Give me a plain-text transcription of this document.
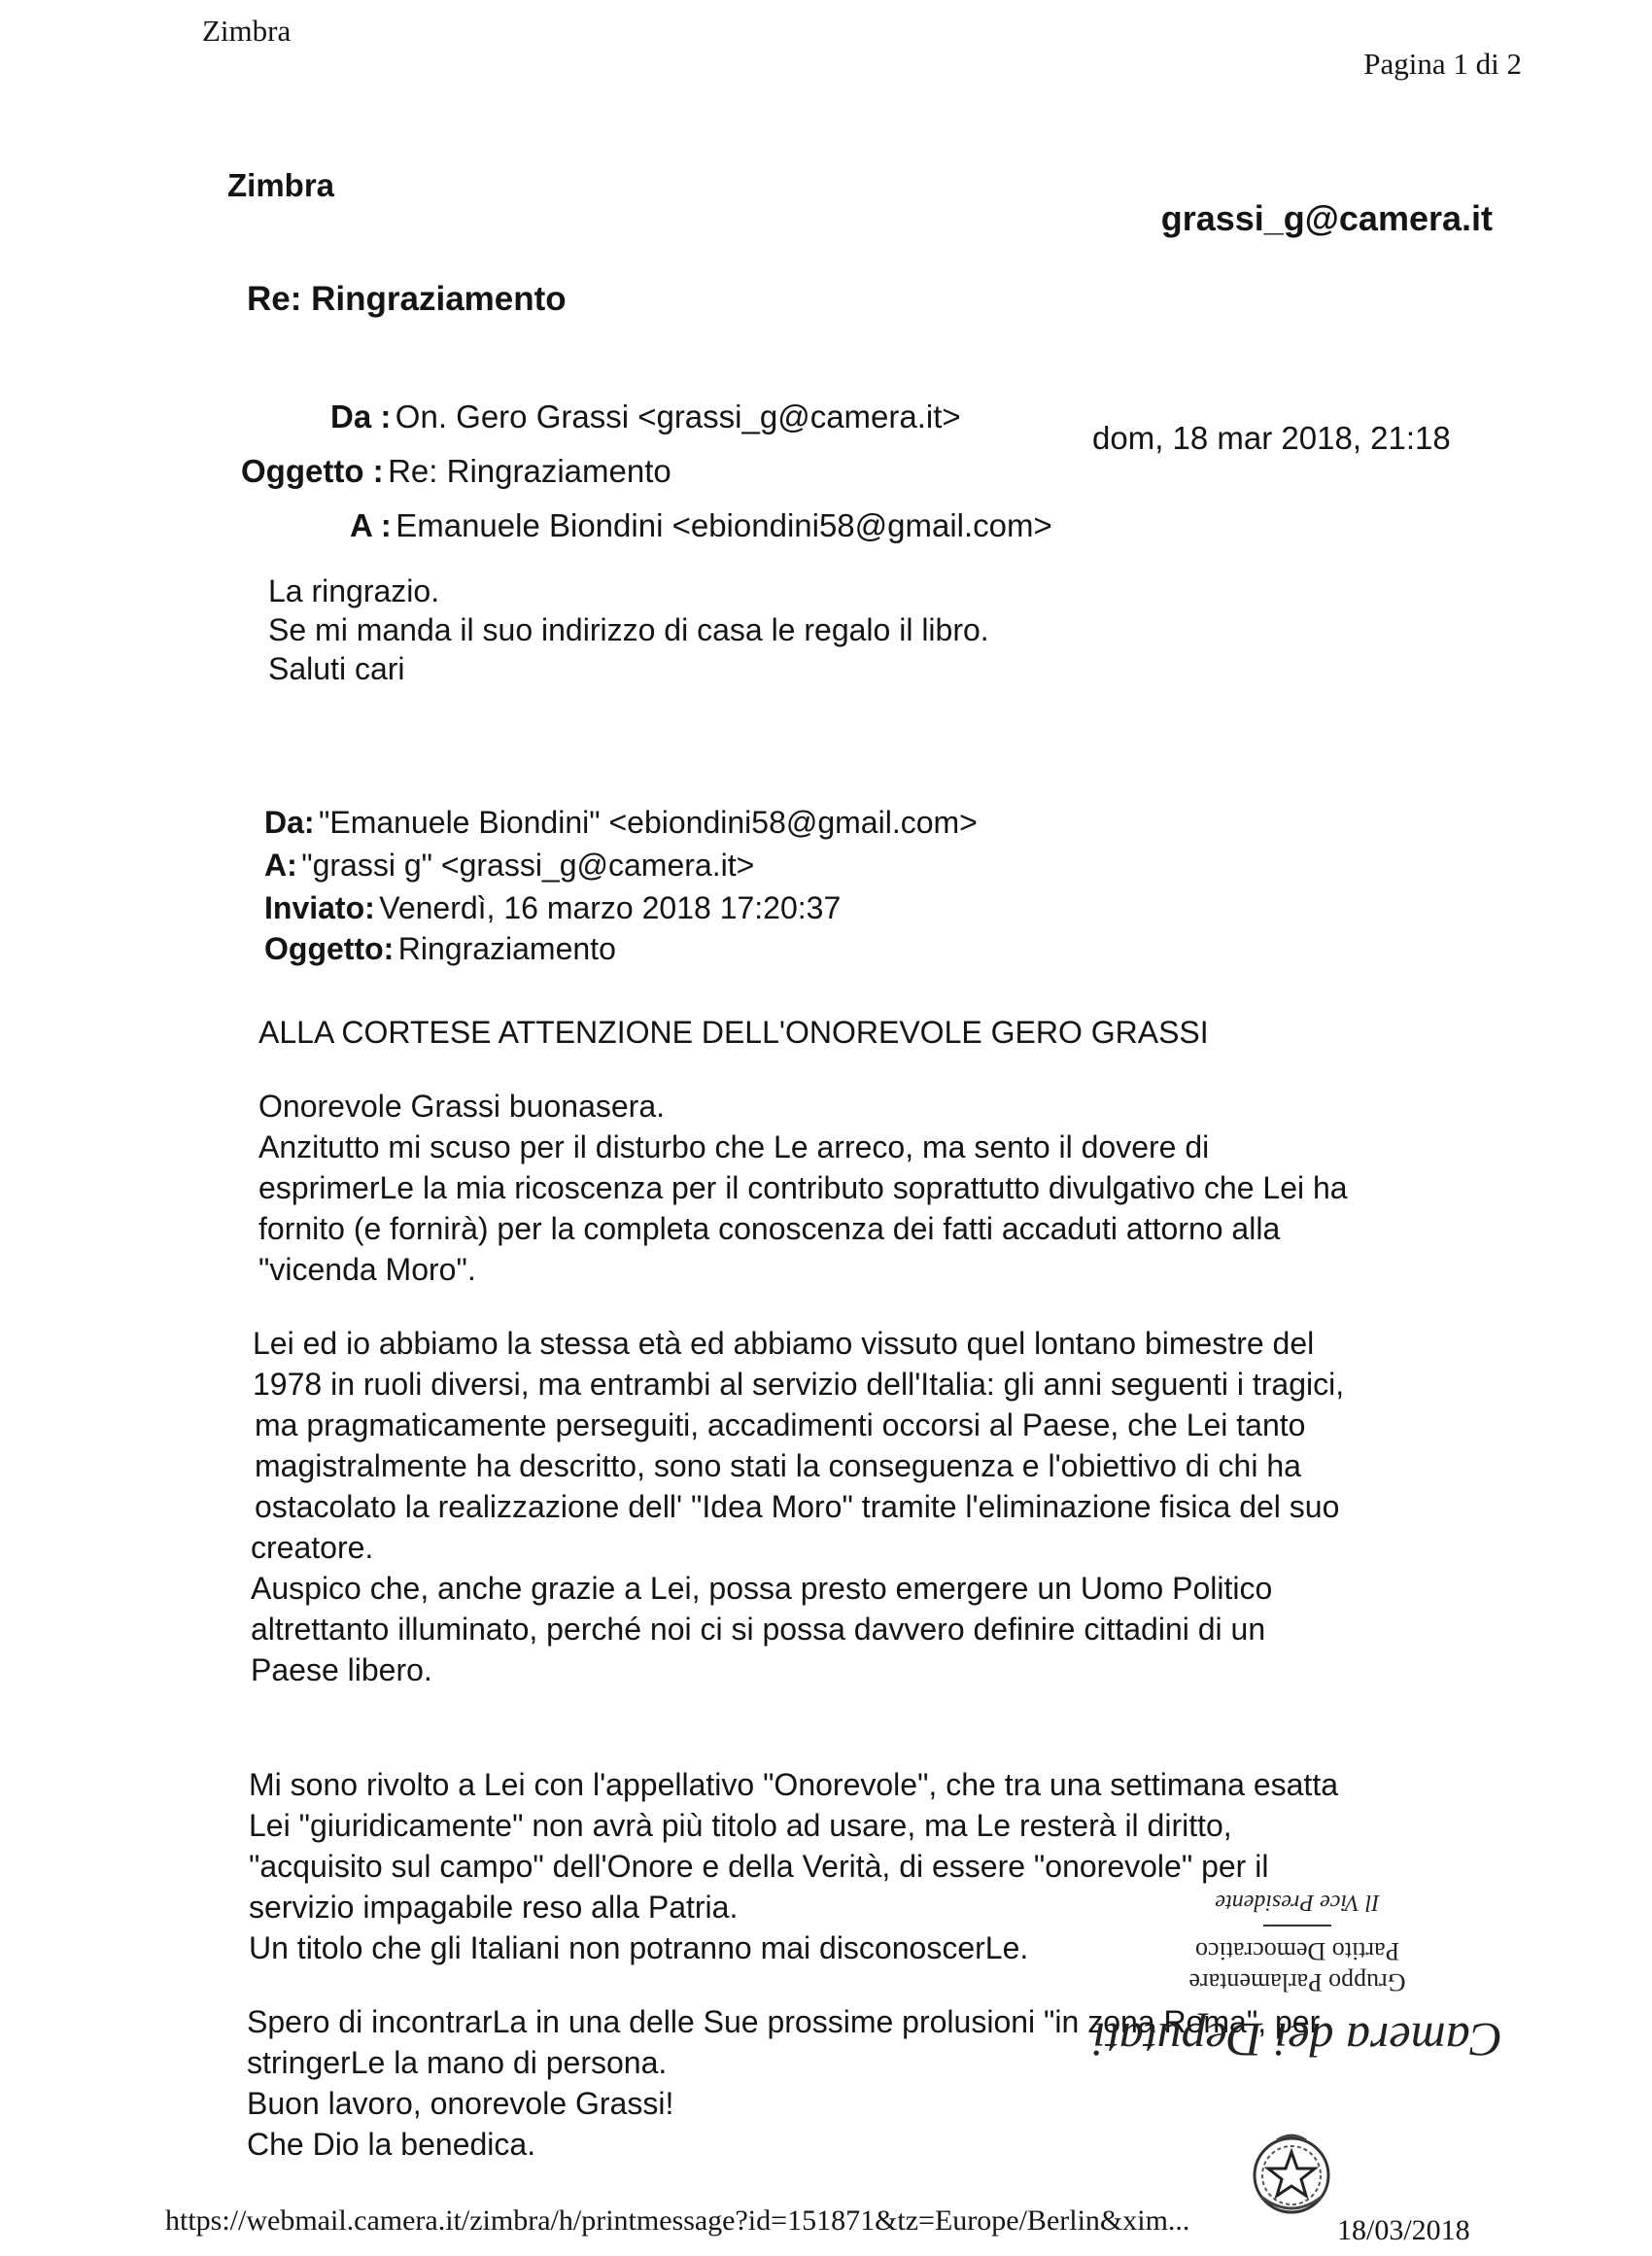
Zimbra
Pagina 1 di 2
Zimbra
grassi_g@camera.it
Re: Ringraziamento
Da : On. Gero Grassi <grassi_g@camera.it>
Oggetto : Re: Ringraziamento
A : Emanuele Biondini <ebiondini58@gmail.com>
dom, 18 mar 2018, 21:18
La ringrazio.
Se mi manda il suo indirizzo di casa le regalo il libro.
Saluti cari
Da: "Emanuele Biondini" <ebiondini58@gmail.com>
A: "grassi g" <grassi_g@camera.it>
Inviato: Venerdì, 16 marzo 2018 17:20:37
Oggetto: Ringraziamento
ALLA CORTESE ATTENZIONE DELL'ONOREVOLE GERO GRASSI
Onorevole Grassi buonasera.
Anzitutto mi scuso per il disturbo che Le arreco, ma sento il dovere di
esprimerLe la mia ricoscenza per il contributo soprattutto divulgativo che Lei ha
fornito (e fornirà) per la completa conoscenza dei fatti accaduti attorno alla
"vicenda Moro".
Lei ed io abbiamo la stessa età ed abbiamo vissuto quel lontano bimestre del
1978 in ruoli diversi, ma entrambi al servizio dell'Italia: gli anni seguenti i tragici,
ma pragmaticamente perseguiti, accadimenti occorsi al Paese, che Lei tanto
magistralmente ha descritto, sono stati la conseguenza e l'obiettivo di chi ha
ostacolato la realizzazione dell' "Idea Moro" tramite l'eliminazione fisica del suo
creatore.
Auspico che, anche grazie a Lei, possa presto emergere un Uomo Politico
altrettanto illuminato, perché noi ci si possa davvero definire cittadini di un
Paese libero.
Mi sono rivolto a Lei con l'appellativo "Onorevole", che tra una settimana esatta
Lei "giuridicamente" non avrà più titolo ad usare, ma Le resterà il diritto,
"acquisito sul campo" dell'Onore e della Verità, di essere "onorevole" per il
servizio impagabile reso alla Patria.
Un titolo che gli Italiani non potranno mai disconoscerLe.
Spero di incontrarLa in una delle Sue prossime prolusioni "in zona Roma", per
stringerLe la mano di persona.
Buon lavoro, onorevole Grassi!
Che Dio la benedica.
Camera dei Deputati
Gruppo Parlamentare
Partito Democratico
Il Vice Presidente
https://webmail.camera.it/zimbra/h/printmessage?id=151871&tz=Europe/Berlin&xim...	18/03/2018
